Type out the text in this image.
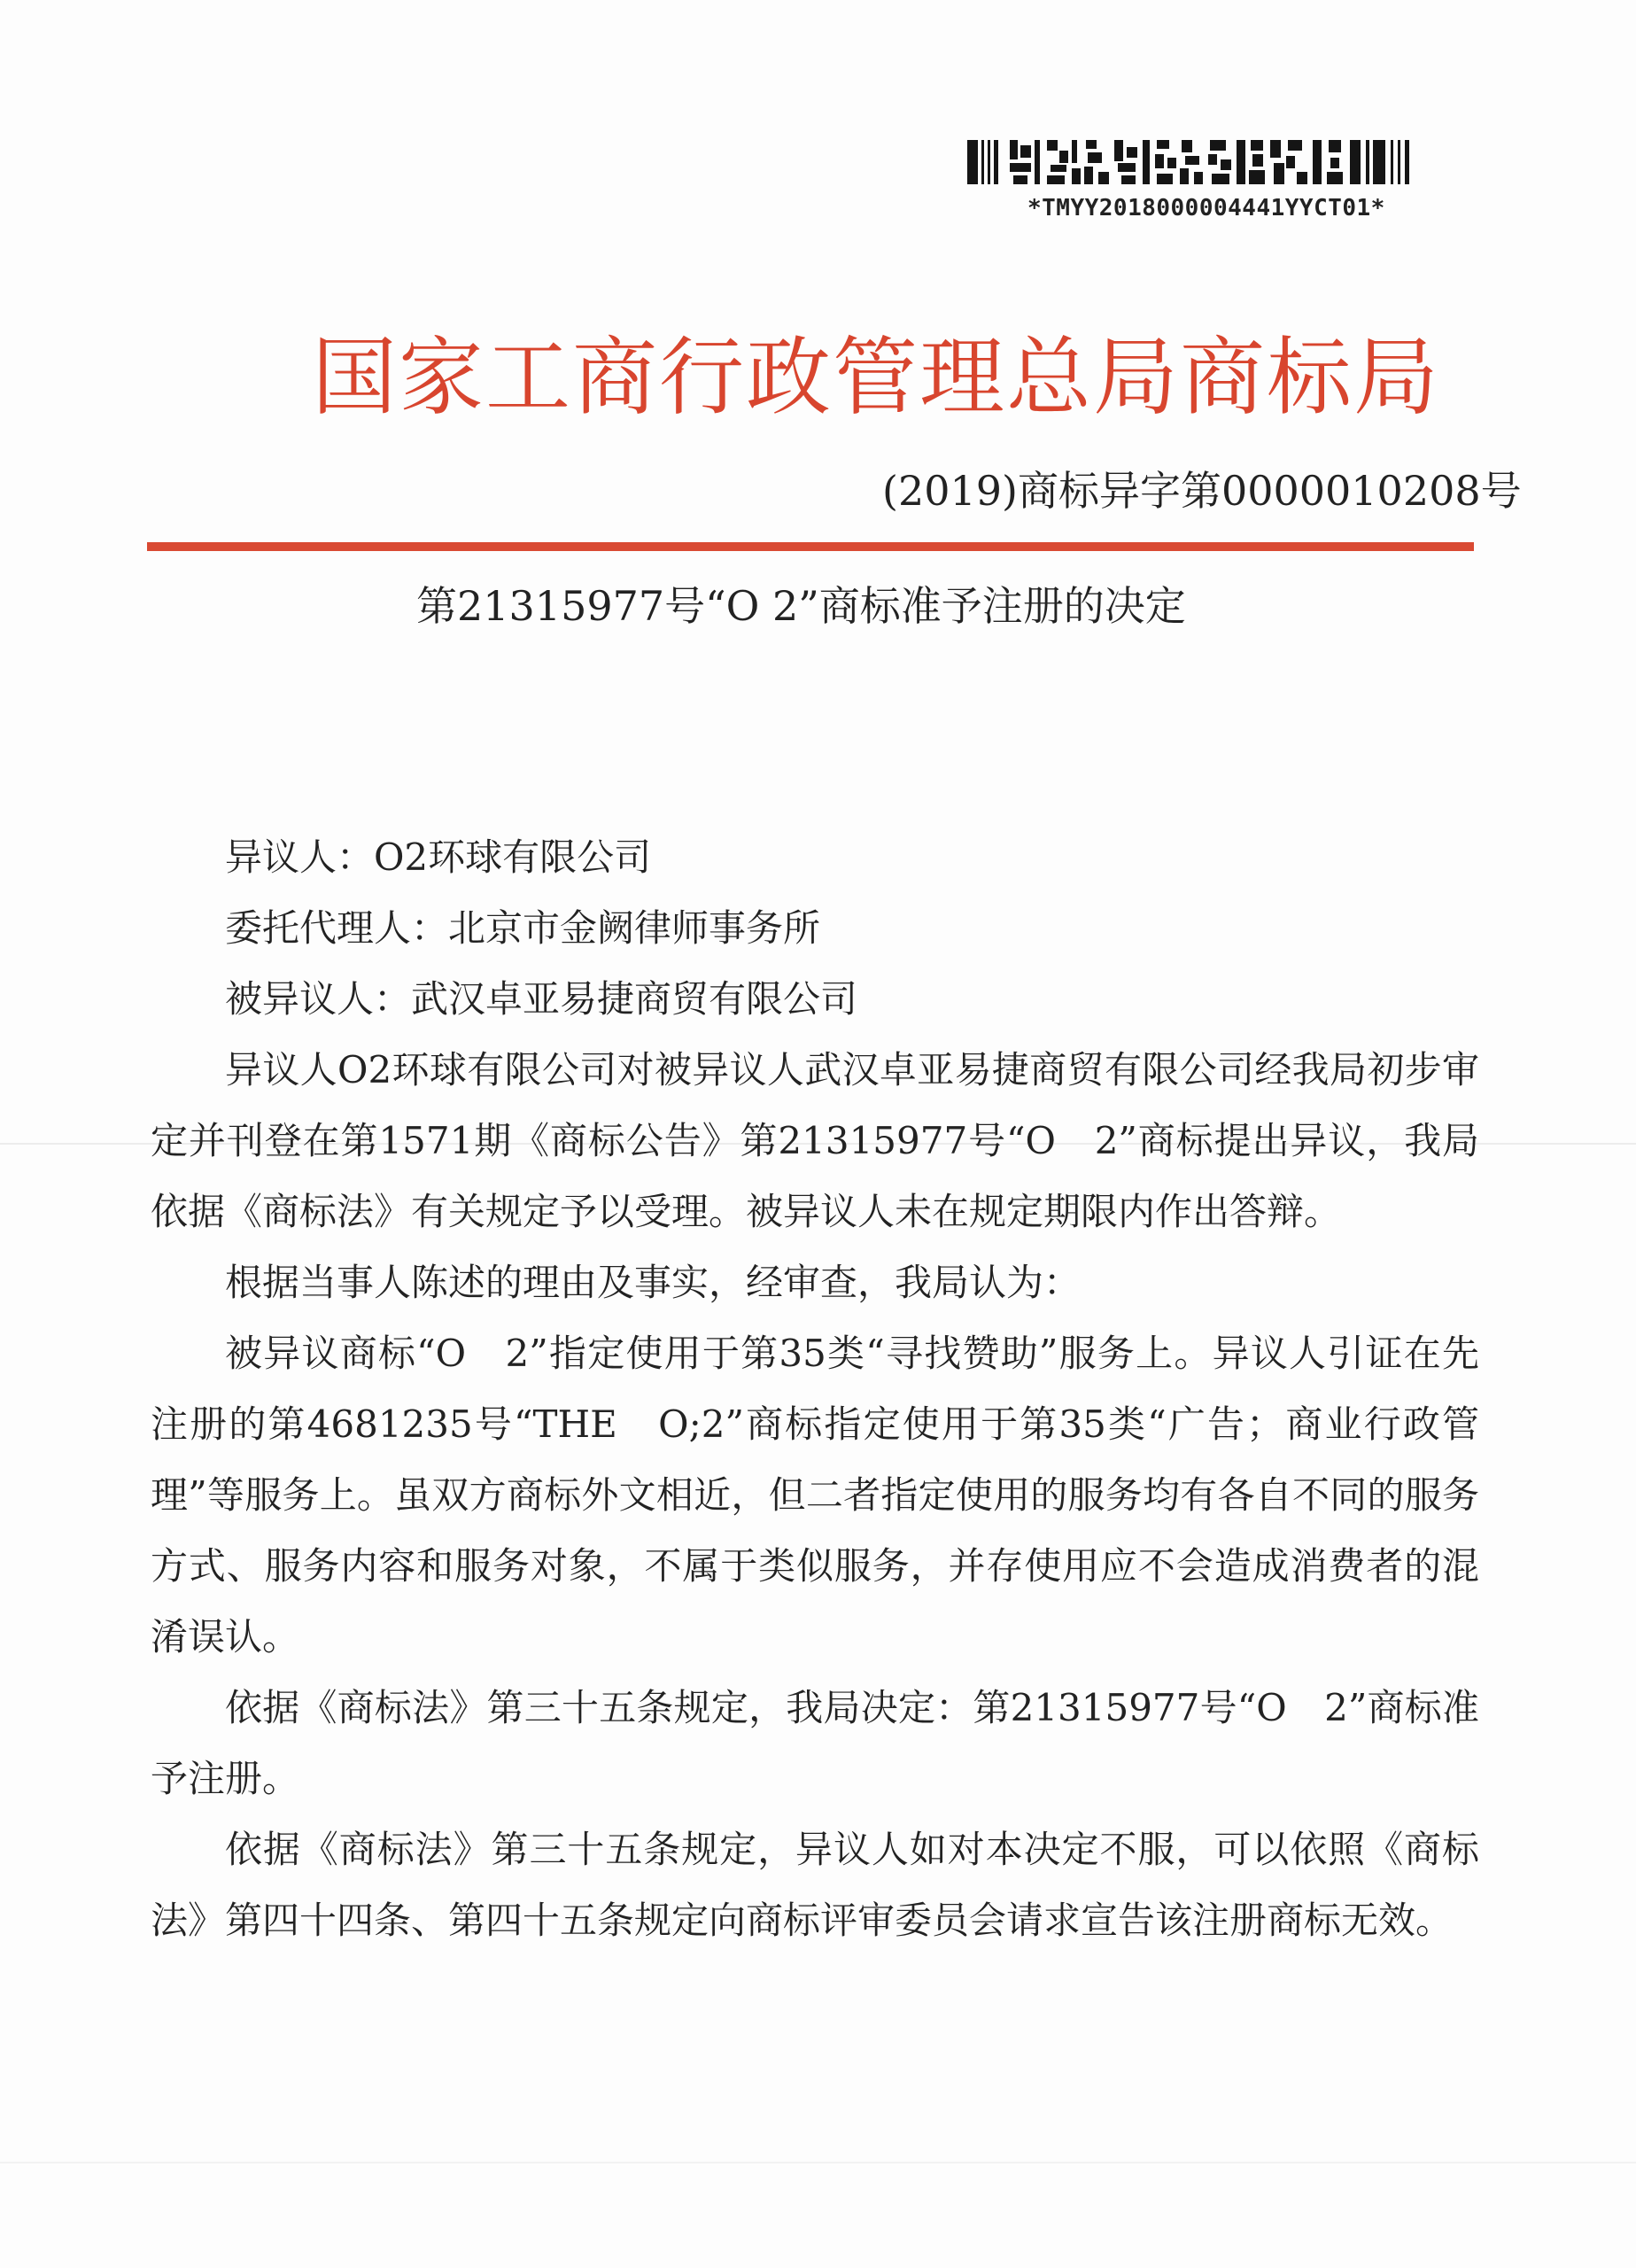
*TMYY2018000004441YYCT01*
国家工商行政管理总局商标局
(2019)商标异字第0000010208号
第21315977号“O 2”商标准予注册的决定

异议人：O2环球有限公司

委托代理人：北京市金阙律师事务所

被异议人：武汉卓亚易捷商贸有限公司

异议人O2环球有限公司对被异议人武汉卓亚易捷商贸有限公司经我局初步审定并刊登在第1571期《商标公告》第21315977号“O　2”商标提出异议，我局依据《商标法》有关规定予以受理。被异议人未在规定期限内作出答辩。

根据当事人陈述的理由及事实，经审查，我局认为：

被异议商标“O　2”指定使用于第35类“寻找赞助”服务上。异议人引证在先注册的第4681235号“THE　O;2”商标指定使用于第35类“广告；商业行政管理”等服务上。虽双方商标外文相近，但二者指定使用的服务均有各自不同的服务方式、服务内容和服务对象，不属于类似服务，并存使用应不会造成消费者的混淆误认。

依据《商标法》第三十五条规定，我局决定：第21315977号“O　2”商标准予注册。

依据《商标法》第三十五条规定，异议人如对本决定不服，可以依照《商标法》第四十四条、第四十五条规定向商标评审委员会请求宣告该注册商标无效。
